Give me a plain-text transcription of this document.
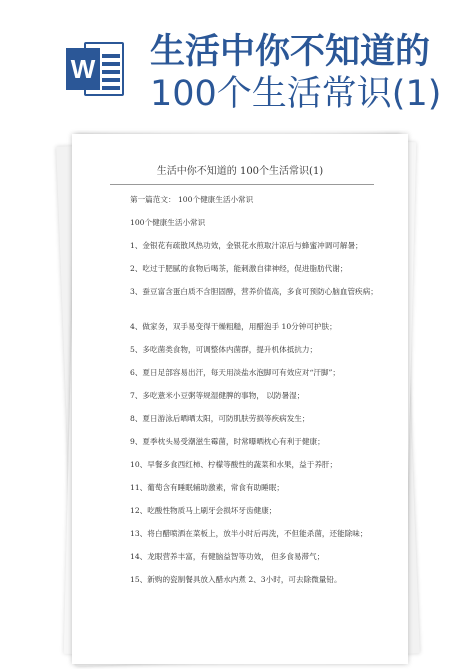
W 生活中你不知道的
100个生活常识(1)
生活中你不知道的 100个生活常识(1)
第一篇范文： 100个健康生活小常识
100个健康生活小常识
1、金银花有疏散风热功效，金银花水煎取汁凉后与蜂蜜冲调可解暑；
2、吃过于肥腻的食物后喝茶，能刺激自律神经，促进脂肪代谢；
3、蚕豆富含蛋白质不含胆固醇，营养价值高，多食可预防心脑血管疾病；
4、做家务，双手易变得干燥粗糙，用醋泡手 10分钟可护肤；
5、多吃菌类食物，可调整体内菌群，提升机体抵抗力；
6、夏日足部容易出汗，每天用淡盐水泡脚可有效应对“汗脚”；
7、多吃薏米小豆粥等规湿健脾的事物， 以防暑湿；
8、夏日游泳后晒晒太阳，可防肌肤劳损等疾病发生；
9、夏季枕头易受潮滋生霉菌，时常曝晒枕心有利于健康；
10、早餐多食西红柿、柠檬等酸性的蔬菜和水果，益于养肝；
11、葡萄含有睡眠辅助激素，常食有助睡眠；
12、吃酸性物质马上刷牙会损坏牙齿健康；
13、将白醋喷洒在菜板上，放半小时后再洗，不但能杀菌，还能除味；
14、龙眼营养丰富，有健脑益智等功效， 但多食易滞气；
15、新购的瓷制餐具放入醋水内煮 2、3小时，可去除微量铅。
